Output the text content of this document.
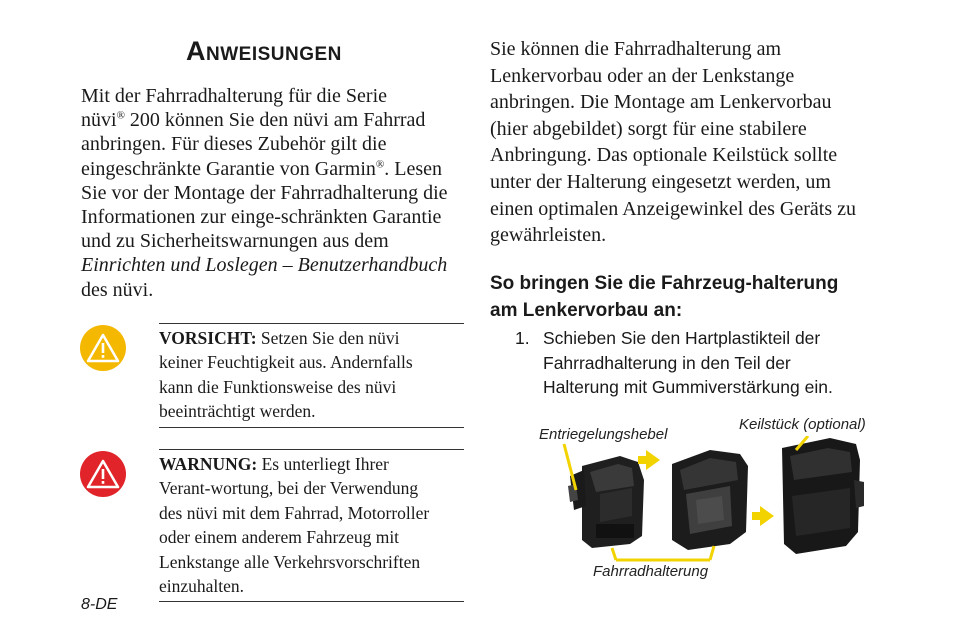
ANWEISUNGEN
Mit der Fahrradhalterung für die Serie
nüvi® 200 können Sie den nüvi am Fahrrad
anbringen. Für dieses Zubehör gilt die
eingeschränkte Garantie von Garmin®. Lesen
Sie vor der Montage der Fahrradhalterung die
Informationen zur einge-schränkten Garantie
und zu Sicherheitswarnungen aus dem
Einrichten und Loslegen – Benutzerhandbuch
des nüvi.
VORSICHT: Setzen Sie den nüvi
keiner Feuchtigkeit aus. Andernfalls
kann die Funktionsweise des nüvi
beeinträchtigt werden.
WARNUNG: Es unterliegt Ihrer
Verant-wortung, bei der Verwendung
des nüvi mit dem Fahrrad, Motorroller
oder einem anderem Fahrzeug mit
Lenkstange alle Verkehrsvorschriften
einzuhalten.
8-DE
Sie können die Fahrradhalterung am
Lenkervorbau oder an der Lenkstange
anbringen. Die Montage am Lenkervorbau
(hier abgebildet) sorgt für eine stabilere
Anbringung. Das optionale Keilstück sollte
unter der Halterung eingesetzt werden, um
einen optimalen Anzeigewinkel des Geräts zu
gewährleisten.
So bringen Sie die Fahrzeug-halterung
am Lenkervorbau an:
1. Schieben Sie den Hartplastikteil der
Fahrradhalterung in den Teil der
Halterung mit Gummiverstärkung ein.
Entriegelungshebel
Keilstück (optional)
Fahrradhalterung
